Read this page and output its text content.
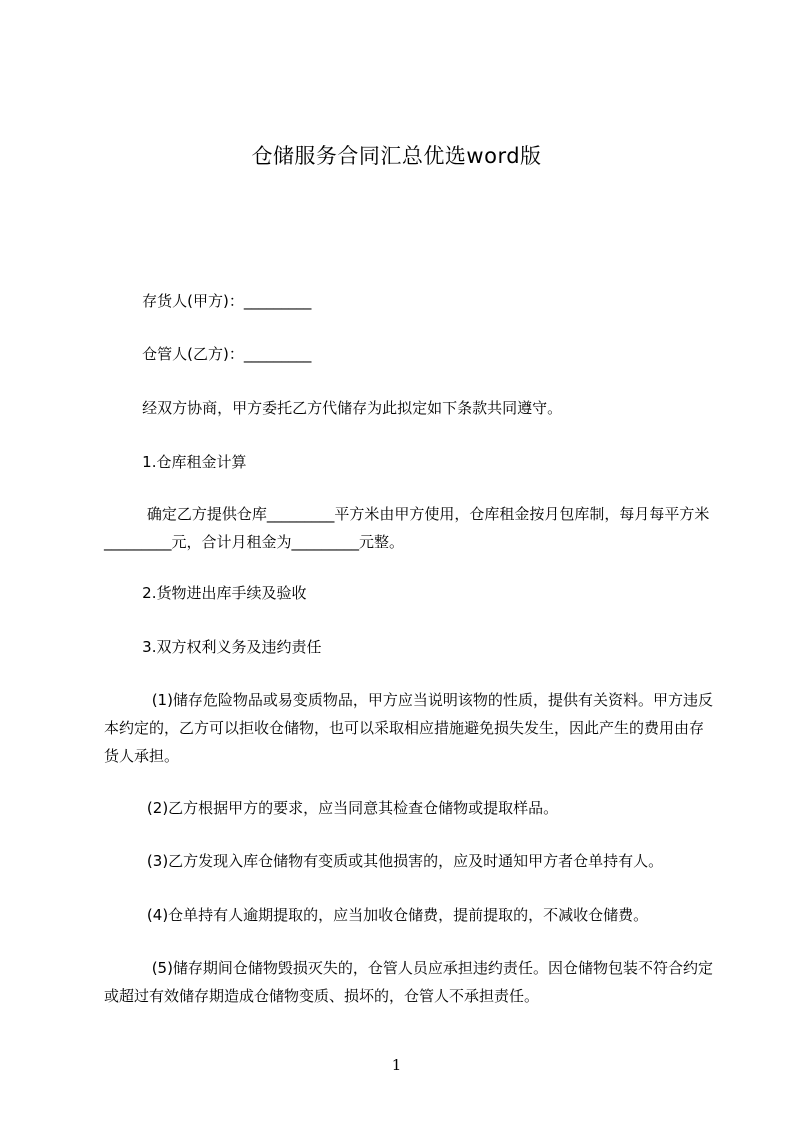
仓储服务合同汇总优选word版
存货人(甲方)：_________
仓管人(乙方)：_________
经双方协商，甲方委托乙方代储存为此拟定如下条款共同遵守。
1.仓库租金计算
确定乙方提供仓库_________平方米由甲方使用，仓库租金按月包库制，每月每平方米_________元，合计月租金为_________元整。
2.货物进出库手续及验收
3.双方权利义务及违约责任
(1)储存危险物品或易变质物品，甲方应当说明该物的性质，提供有关资料。甲方违反本约定的，乙方可以拒收仓储物，也可以采取相应措施避免损失发生，因此产生的费用由存货人承担。
(2)乙方根据甲方的要求，应当同意其检查仓储物或提取样品。
(3)乙方发现入库仓储物有变质或其他损害的，应及时通知甲方者仓单持有人。
(4)仓单持有人逾期提取的，应当加收仓储费，提前提取的，不减收仓储费。
(5)储存期间仓储物毁损灭失的，仓管人员应承担违约责任。因仓储物包装不符合约定或超过有效储存期造成仓储物变质、损坏的，仓管人不承担责任。
1
